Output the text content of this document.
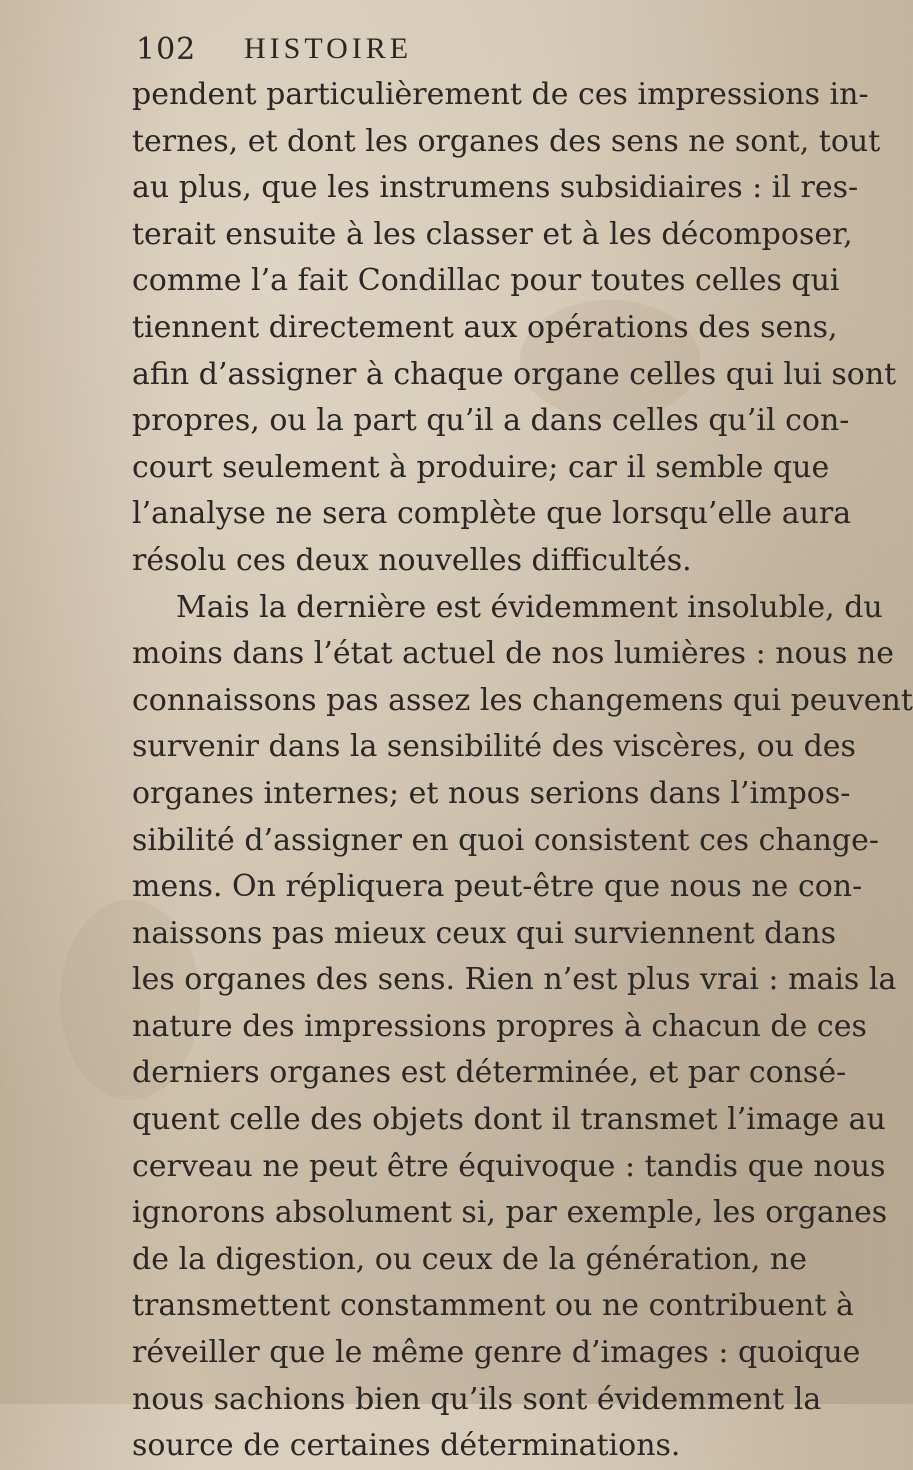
102 HISTOIRE
pendent particulièrement de ces impressions in-
ternes, et dont les organes des sens ne sont, tout
au plus, que les instrumens subsidiaires : il res-
terait ensuite à les classer et à les décomposer,
comme l’a fait Condillac pour toutes celles qui
tiennent directement aux opérations des sens,
afin d’assigner à chaque organe celles qui lui sont
propres, ou la part qu’il a dans celles qu’il con-
court seulement à produire; car il semble que
l’analyse ne sera complète que lorsqu’elle aura
résolu ces deux nouvelles difficultés.
Mais la dernière est évidemment insoluble, du
moins dans l’état actuel de nos lumières : nous ne
connaissons pas assez les changemens qui peuvent
survenir dans la sensibilité des viscères, ou des
organes internes; et nous serions dans l’impos-
sibilité d’assigner en quoi consistent ces change-
mens. On répliquera peut-être que nous ne con-
naissons pas mieux ceux qui surviennent dans
les organes des sens. Rien n’est plus vrai : mais la
nature des impressions propres à chacun de ces
derniers organes est déterminée, et par consé-
quent celle des objets dont il transmet l’image au
cerveau ne peut être équivoque : tandis que nous
ignorons absolument si, par exemple, les organes
de la digestion, ou ceux de la génération, ne
transmettent constamment ou ne contribuent à
réveiller que le même genre d’images : quoique
nous sachions bien qu’ils sont évidemment la
source de certaines déterminations.
